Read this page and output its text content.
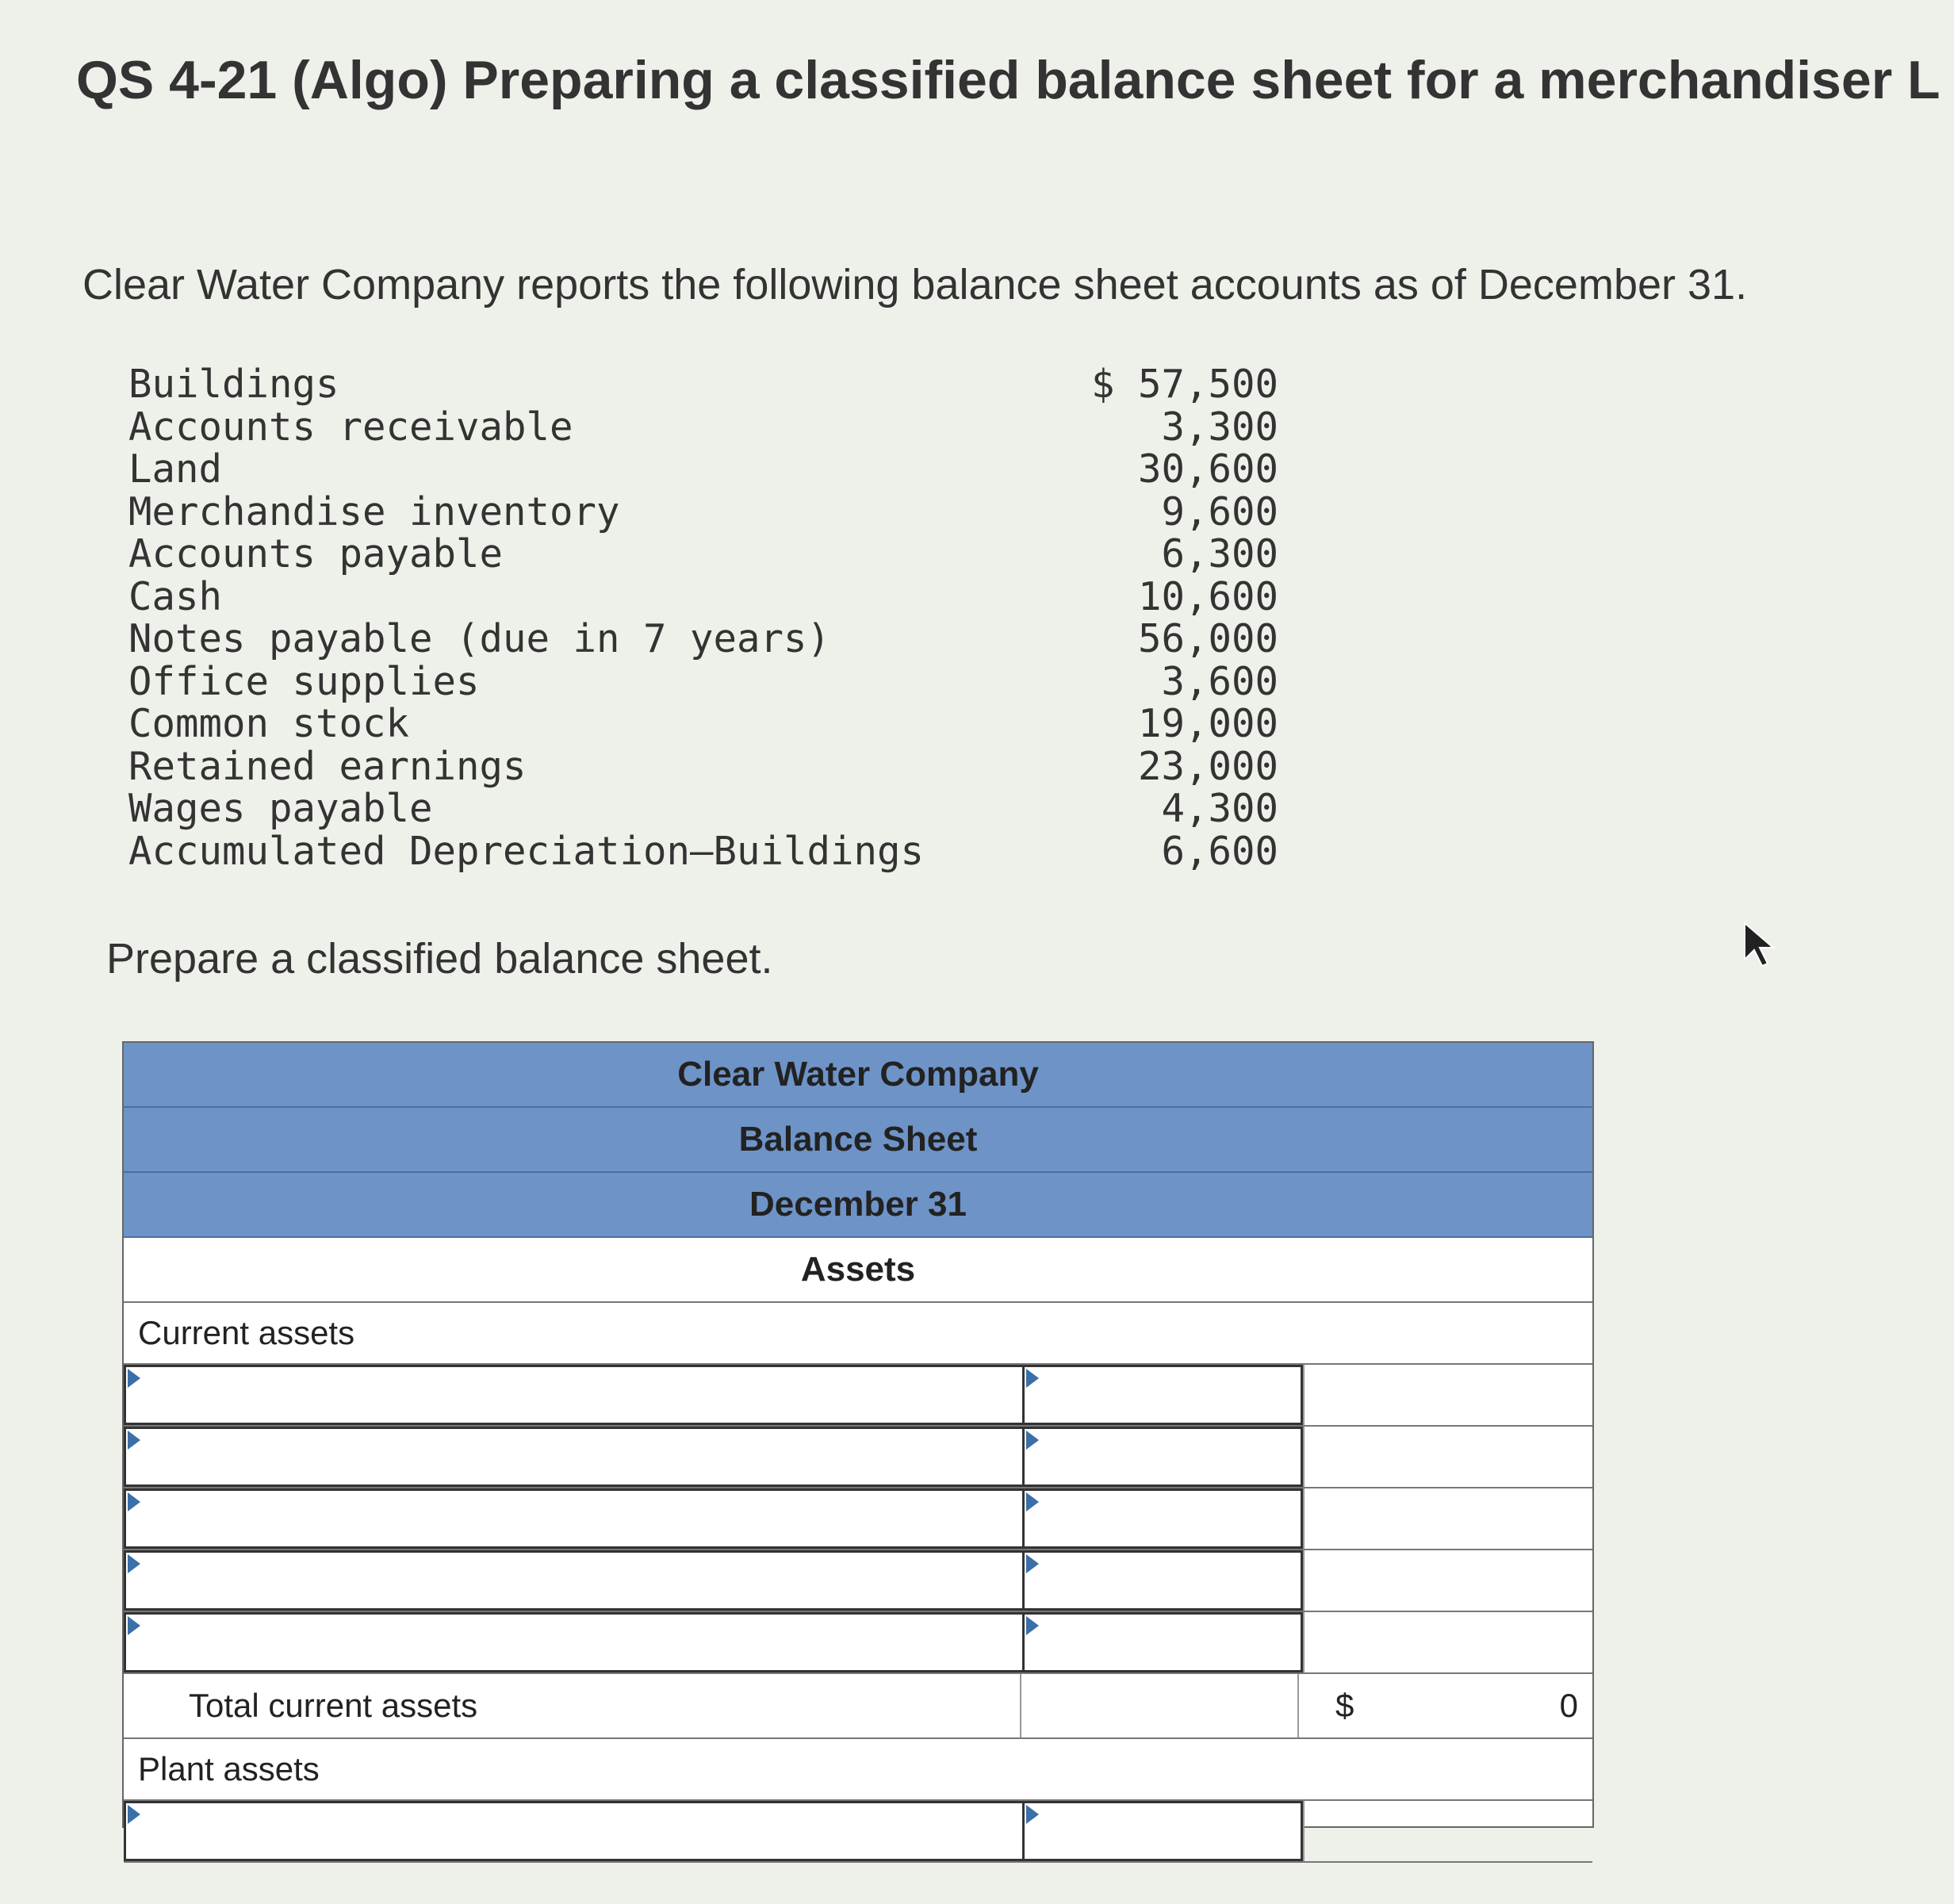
QS 4-21 (Algo) Preparing a classified balance sheet for a merchandiser L
Clear Water Company reports the following balance sheet accounts as of December 31.
Buildings	$ 57,500
Accounts receivable	3,300
Land	30,600
Merchandise inventory	9,600
Accounts payable	6,300
Cash	10,600
Notes payable (due in 7 years)	56,000
Office supplies	3,600
Common stock	19,000
Retained earnings	23,000
Wages payable	4,300
Accumulated Depreciation—Buildings	6,600
Prepare a classified balance sheet.
Clear Water Company
Balance Sheet
December 31
Assets
Current assets
Total current assets	$	0
Plant assets
